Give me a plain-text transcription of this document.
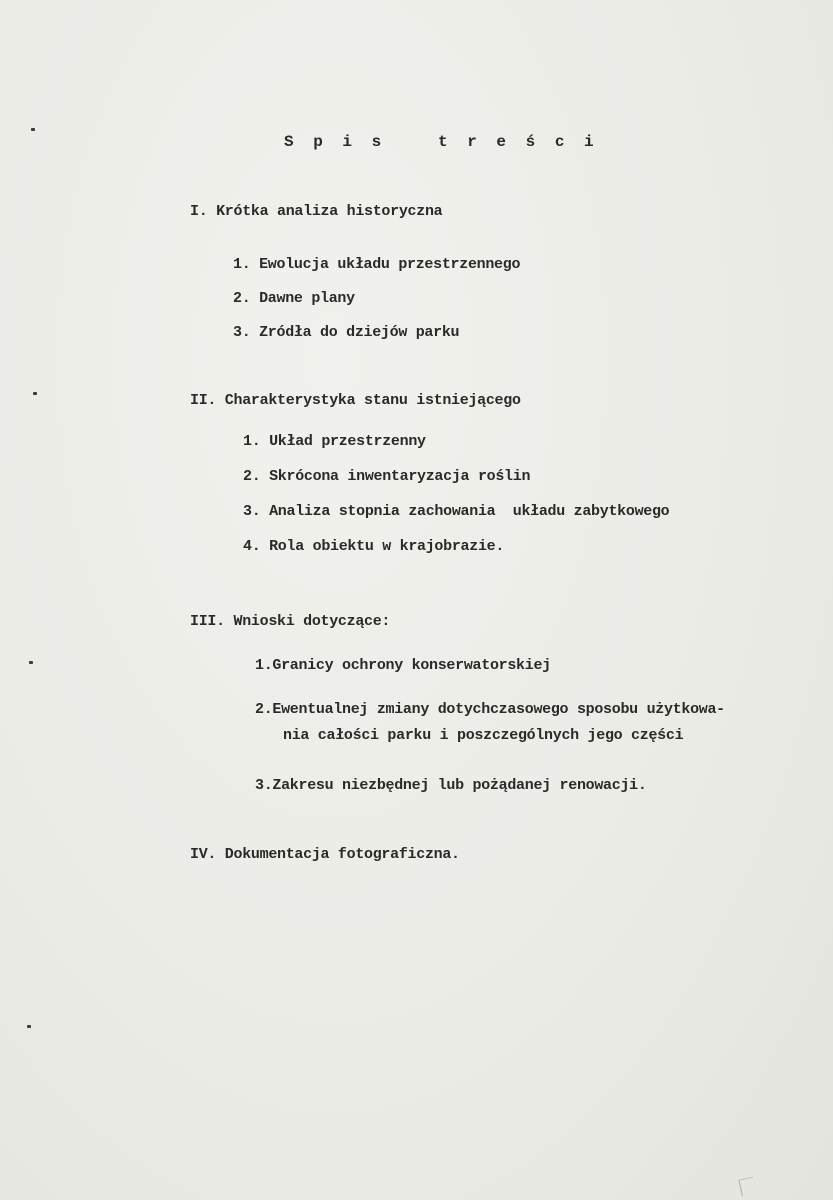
S p i s   t r e ś c i
I. Krótka analiza historyczna
1. Ewolucja układu przestrzennego
2. Dawne plany
3. Zródła do dziejów parku
II. Charakterystyka stanu istniejącego
1. Układ przestrzenny
2. Skrócona inwentaryzacja roślin
3. Analiza stopnia zachowania  układu zabytkowego
4. Rola obiektu w krajobrazie.
III. Wnioski dotyczące:
1.Granicy ochrony konserwatorskiej
2.Ewentualnej zmiany dotychczasowego sposobu użytkowa-
nia całości parku i poszczególnych jego części
3.Zakresu niezbędnej lub pożądanej renowacji.
IV. Dokumentacja fotograficzna.
